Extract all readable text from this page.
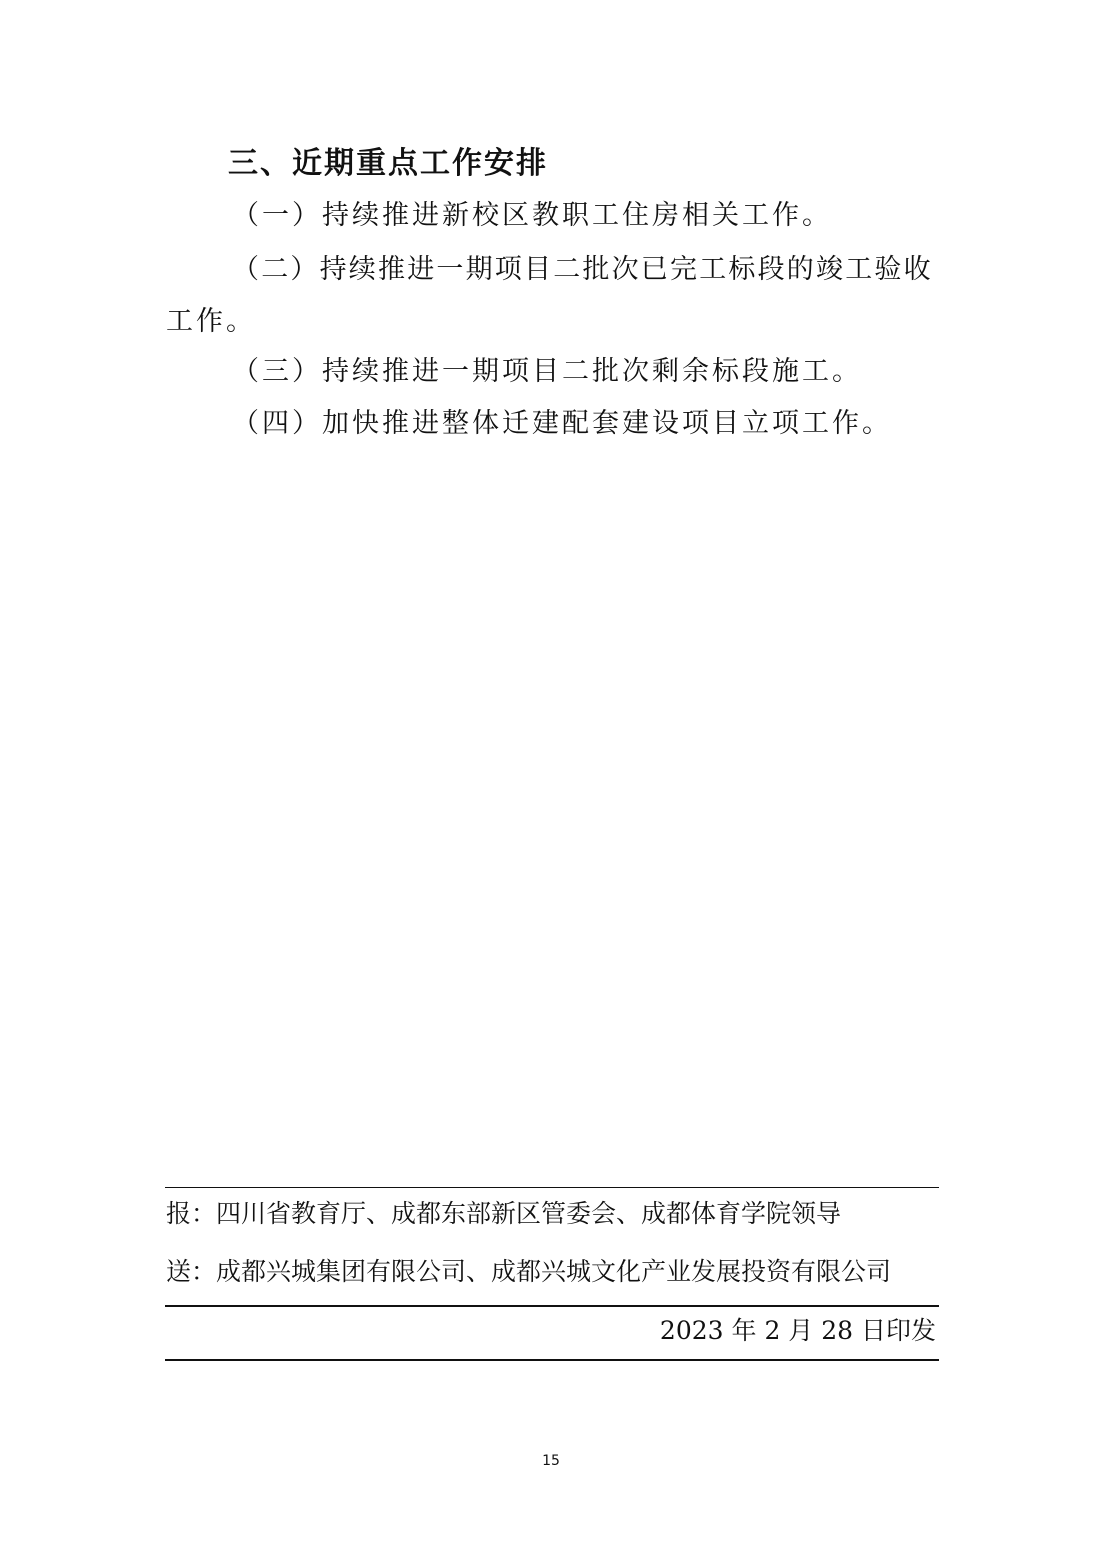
三、近期重点工作安排
（一）持续推进新校区教职工住房相关工作。
（二）持续推进一期项目二批次已完工标段的竣工验收
工作。
（三）持续推进一期项目二批次剩余标段施工。
（四）加快推进整体迁建配套建设项目立项工作。
报：四川省教育厅、成都东部新区管委会、成都体育学院领导
送：成都兴城集团有限公司、成都兴城文化产业发展投资有限公司
2023 年 2 月 28 日印发
15
